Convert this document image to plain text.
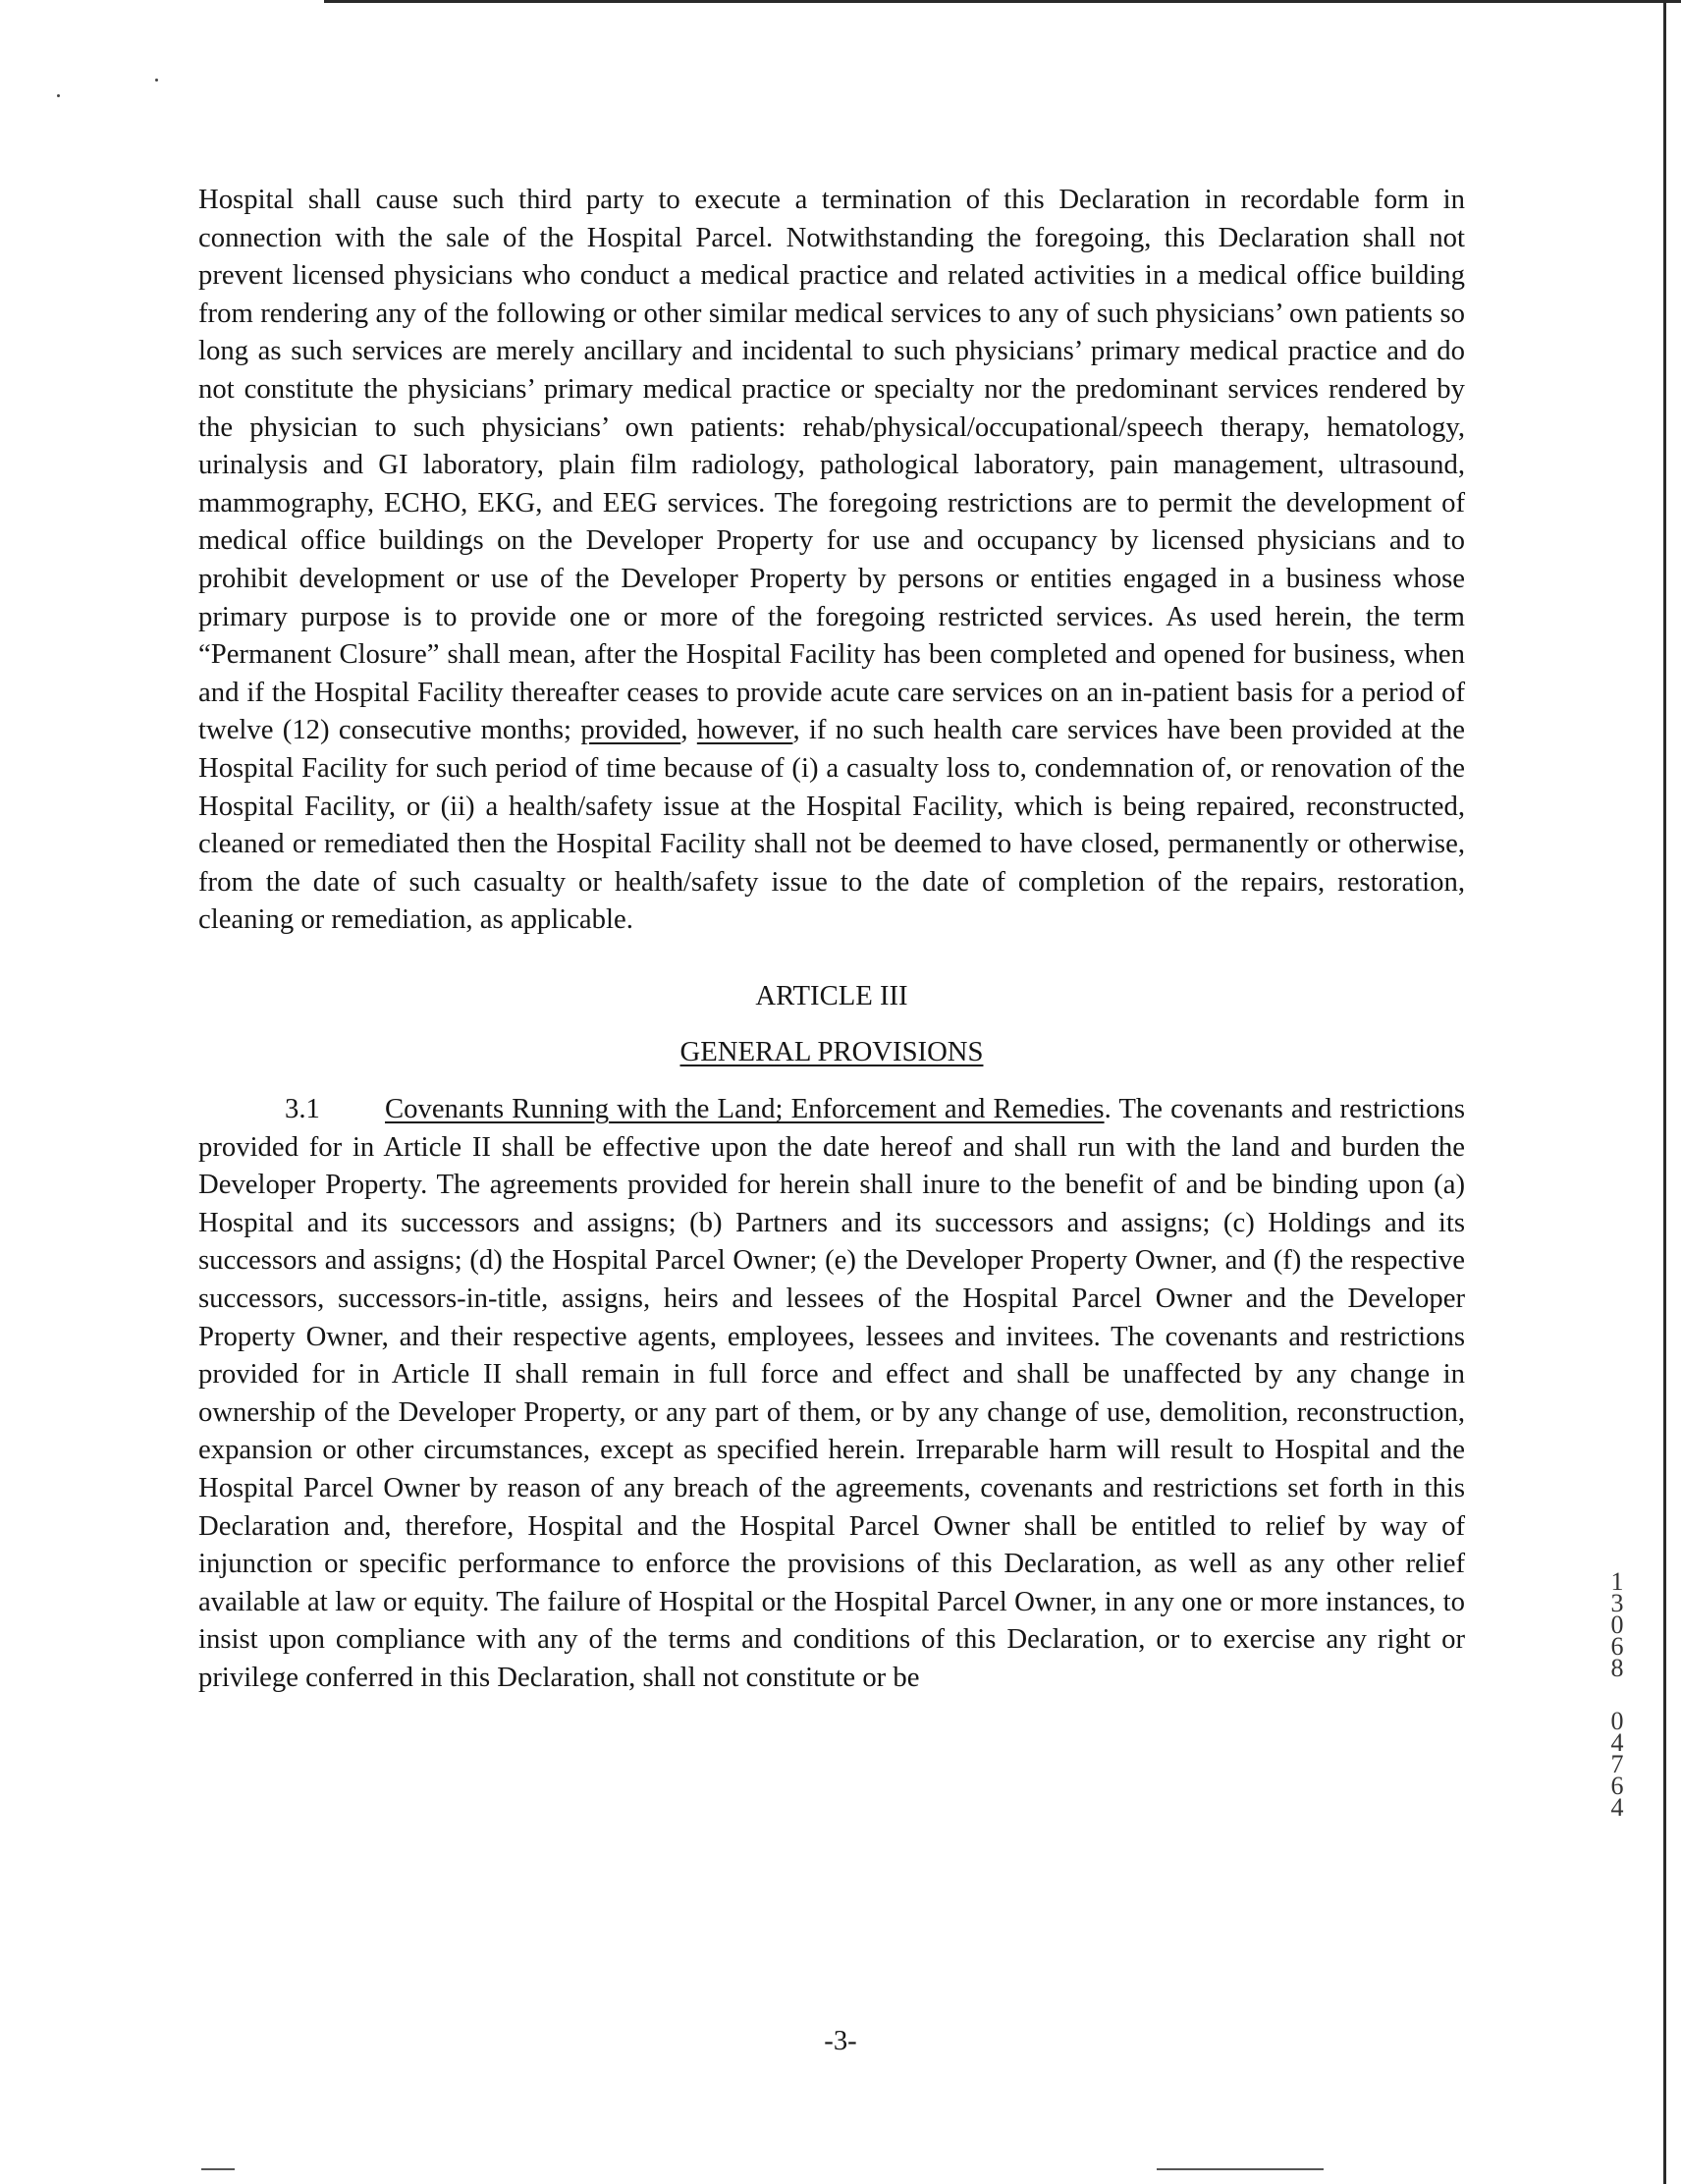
Hospital shall cause such third party to execute a termination of this Declaration in recordable form in connection with the sale of the Hospital Parcel. Notwithstanding the foregoing, this Declaration shall not prevent licensed physicians who conduct a medical practice and related activities in a medical office building from rendering any of the following or other similar medical services to any of such physicians’ own patients so long as such services are merely ancillary and incidental to such physicians’ primary medical practice and do not constitute the physicians’ primary medical practice or specialty nor the predominant services rendered by the physician to such physicians’ own patients: rehab/physical/occupational/speech therapy, hematology, urinalysis and GI laboratory, plain film radiology, pathological laboratory, pain management, ultrasound, mammography, ECHO, EKG, and EEG services. The foregoing restrictions are to permit the development of medical office buildings on the Developer Property for use and occupancy by licensed physicians and to prohibit development or use of the Developer Property by persons or entities engaged in a business whose primary purpose is to provide one or more of the foregoing restricted services. As used herein, the term “Permanent Closure” shall mean, after the Hospital Facility has been completed and opened for business, when and if the Hospital Facility thereafter ceases to provide acute care services on an in-patient basis for a period of twelve (12) consecutive months; provided, however, if no such health care services have been provided at the Hospital Facility for such period of time because of (i) a casualty loss to, condemnation of, or renovation of the Hospital Facility, or (ii) a health/safety issue at the Hospital Facility, which is being repaired, reconstructed, cleaned or remediated then the Hospital Facility shall not be deemed to have closed, permanently or otherwise, from the date of such casualty or health/safety issue to the date of completion of the repairs, restoration, cleaning or remediation, as applicable.

ARTICLE III

GENERAL PROVISIONS

3.1 Covenants Running with the Land; Enforcement and Remedies. The covenants and restrictions provided for in Article II shall be effective upon the date hereof and shall run with the land and burden the Developer Property. The agreements provided for herein shall inure to the benefit of and be binding upon (a) Hospital and its successors and assigns; (b) Partners and its successors and assigns; (c) Holdings and its successors and assigns; (d) the Hospital Parcel Owner; (e) the Developer Property Owner, and (f) the respective successors, successors-in-title, assigns, heirs and lessees of the Hospital Parcel Owner and the Developer Property Owner, and their respective agents, employees, lessees and invitees. The covenants and restrictions provided for in Article II shall remain in full force and effect and shall be unaffected by any change in ownership of the Developer Property, or any part of them, or by any change of use, demolition, reconstruction, expansion or other circumstances, except as specified herein. Irreparable harm will result to Hospital and the Hospital Parcel Owner by reason of any breach of the agreements, covenants and restrictions set forth in this Declaration and, therefore, Hospital and the Hospital Parcel Owner shall be entitled to relief by way of injunction or specific performance to enforce the provisions of this Declaration, as well as any other relief available at law or equity. The failure of Hospital or the Hospital Parcel Owner, in any one or more instances, to insist upon compliance with any of the terms and conditions of this Declaration, or to exercise any right or privilege conferred in this Declaration, shall not constitute or be

-3-
1
3
0
6
8
0
4
7
6
4
